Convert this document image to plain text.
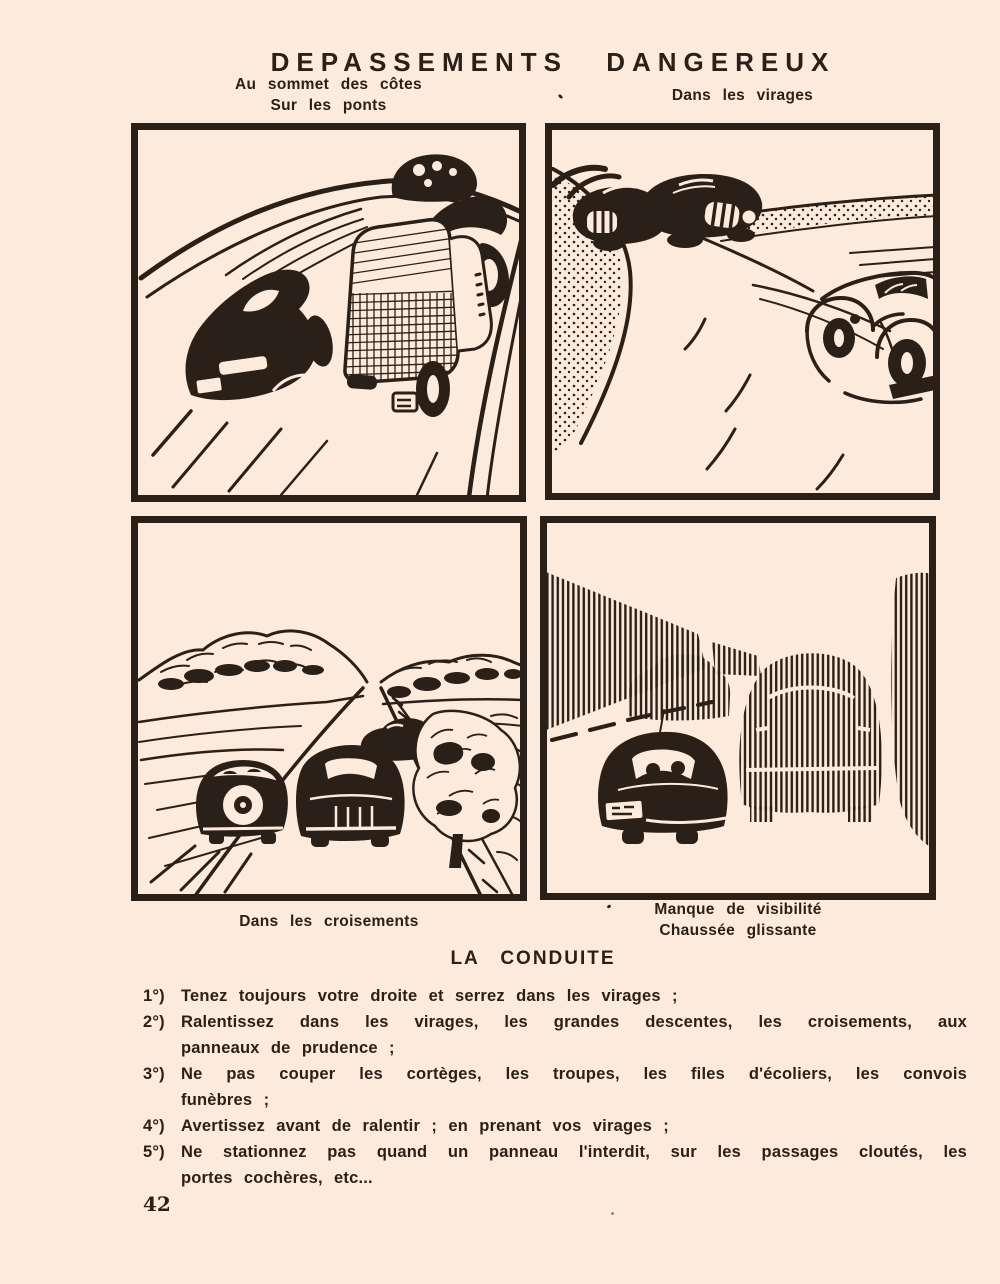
DEPASSEMENTS DANGEREUX
Au sommet des côtes
Sur les ponts
Dans les virages
Dans les croisements
Manque de visibilité
Chaussée glissante
LA CONDUITE
1°) Tenez toujours votre droite et serrez dans les virages ;
2°) Ralentissez dans les virages, les grandes descentes, les croisements, aux
panneaux de prudence ;
3°) Ne pas couper les cortèges, les troupes, les files d'écoliers, les convois
funèbres ;
4°) Avertissez avant de ralentir ; en prenant vos virages ;
5°) Ne stationnez pas quand un panneau l'interdit, sur les passages cloutés, les
portes cochères, etc...
42
